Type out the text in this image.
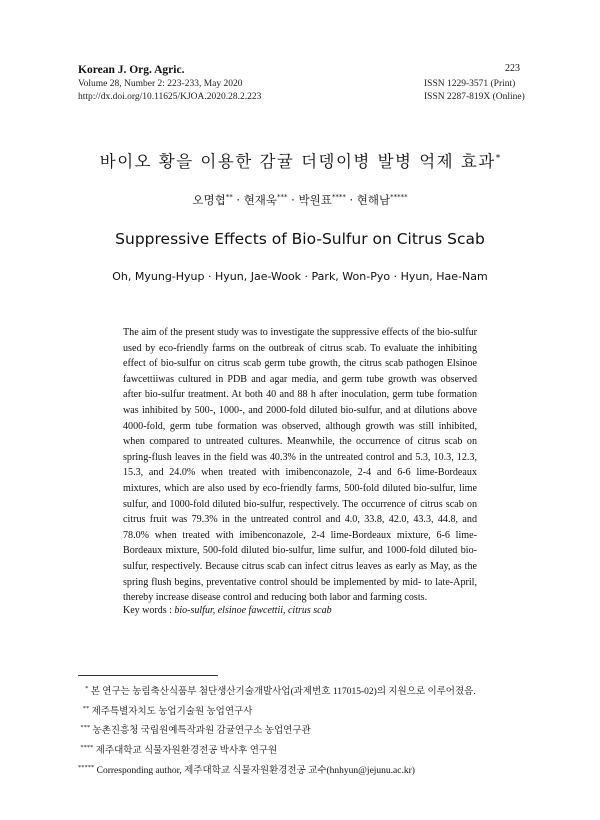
Korean J. Org. Agric.
Volume 28, Number 2: 223-233, May 2020
http://dx.doi.org/10.11625/KJOA.2020.28.2.223
223
ISSN 1229-3571 (Print)
ISSN 2287-819X (Online)
바이오 황을 이용한 감귤 더뎅이병 발병 억제 효과*
오명협** · 현재욱*** · 박원표**** · 현해남*****
Suppressive Effects of Bio-Sulfur on Citrus Scab
Oh, Myung-Hyup · Hyun, Jae-Wook · Park, Won-Pyo · Hyun, Hae-Nam

The aim of the present study was to investigate the suppressive effects of the bio-sulfur used by eco-friendly farms on the outbreak of citrus scab. To evaluate the inhibiting effect of bio-sulfur on citrus scab germ tube growth, the citrus scab pathogen Elsinoe fawcettiiwas cultured in PDB and agar media, and germ tube growth was observed after bio-sulfur treatment. At both 40 and 88 h after inoculation, germ tube formation was inhibited by 500-, 1000-, and 2000-fold diluted bio-sulfur, and at dilutions above 4000-fold, germ tube formation was observed, although growth was still inhibited, when compared to untreated cultures. Meanwhile, the occurrence of citrus scab on spring-flush leaves in the field was 40.3% in the untreated control and 5.3, 10.3, 12.3, 15.3, and 24.0% when treated with imibenconazole, 2-4 and 6-6 lime-Bordeaux mixtures, which are also used by eco-friendly farms, 500-fold diluted bio-sulfur, lime sulfur, and 1000-fold diluted bio-sulfur, respectively. The occurrence of citrus scab on citrus fruit was 79.3% in the untreated control and 4.0, 33.8, 42.0, 43.3, 44.8, and 78.0% when treated with imibenconazole, 2-4 lime-Bordeaux mixture, 6-6 lime-Bordeaux mixture, 500-fold diluted bio-sulfur, lime sulfur, and 1000-fold diluted bio-sulfur, respectively. Because citrus scab can infect citrus leaves as early as May, as the spring flush begins, preventative control should be implemented by mid- to late-April, thereby increase disease control and reducing both labor and farming costs.

Key words : bio-sulfur, elsinoe fawcettii, citrus scab
* 본 연구는 농림축산식품부 첨단생산기술개발사업(과제번호 117015-02)의 지원으로 이루어졌음.
** 제주특별자치도 농업기술원 농업연구사
*** 농촌진흥청 국립원예특작과원 감귤연구소 농업연구관
**** 제주대학교 식물자원환경전공 박사후 연구원
***** Corresponding author, 제주대학교 식물자원환경전공 교수(hnhyun@jejunu.ac.kr)
